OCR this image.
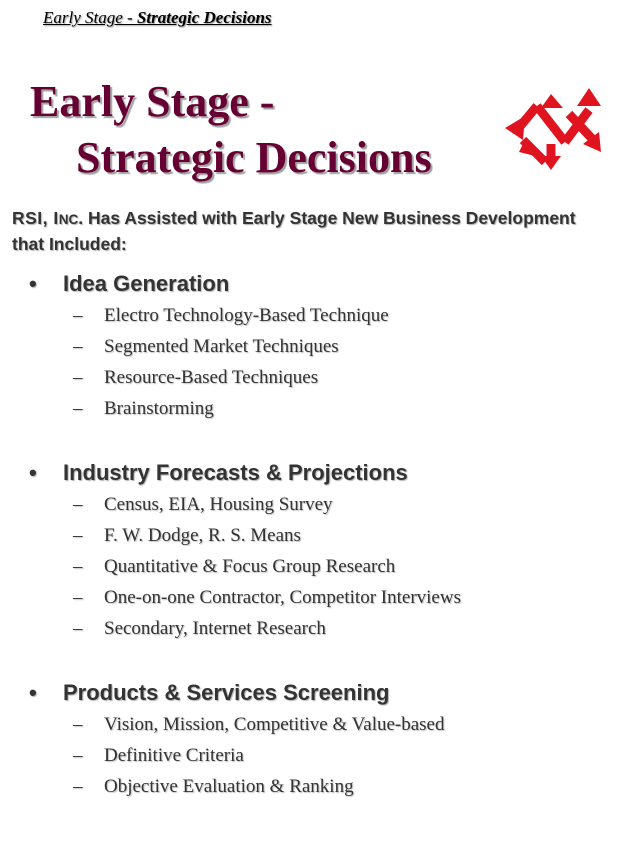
Early Stage - Strategic Decisions
Early Stage -
Strategic Decisions

RSI, INC. Has Assisted with Early Stage New Business Development that Included:

• Idea Generation
– Electro Technology-Based Technique
– Segmented Market Techniques
– Resource-Based Techniques
– Brainstorming
• Industry Forecasts & Projections
– Census, EIA, Housing Survey
– F. W. Dodge, R. S. Means
– Quantitative & Focus Group Research
– One-on-one Contractor, Competitor Interviews
– Secondary, Internet Research
• Products & Services Screening
– Vision, Mission, Competitive & Value-based
– Definitive Criteria
– Objective Evaluation & Ranking
